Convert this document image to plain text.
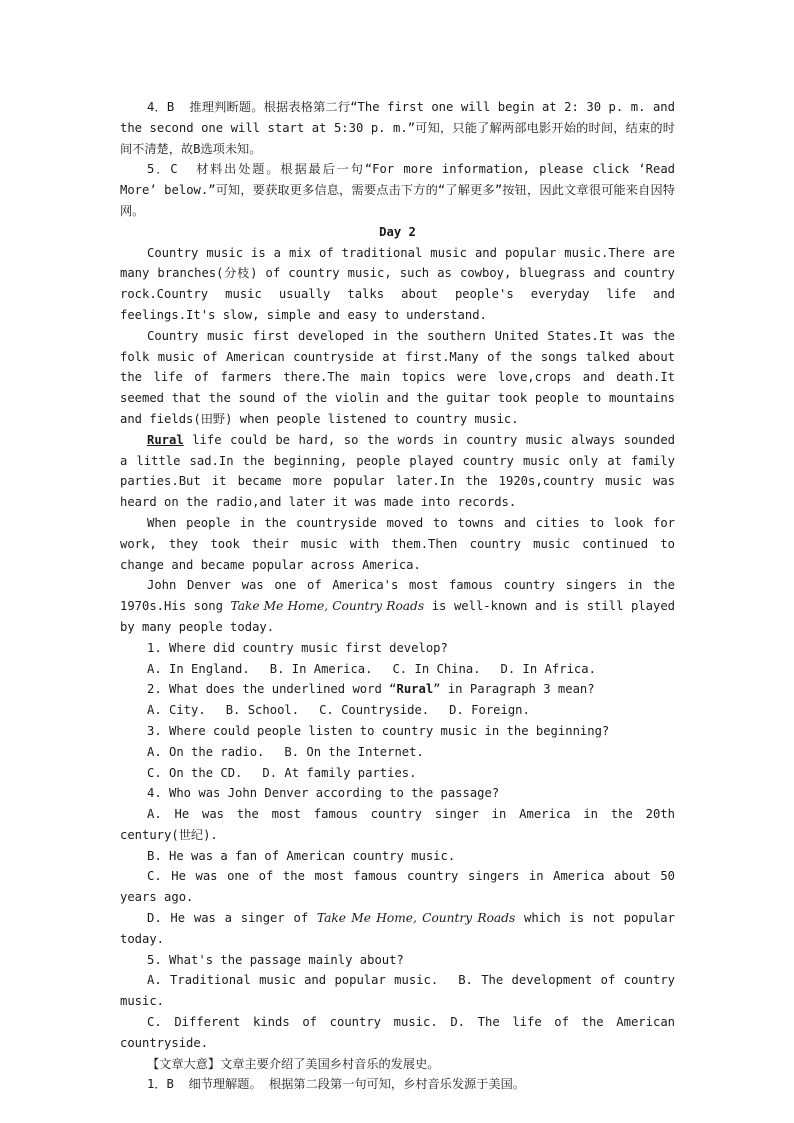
4．B 推理判断题。根据表格第二行“The first one will begin at 2: 30 p. m. and the second one will start at 5:30 p. m.”可知，只能了解两部电影开始的时间，结束的时间不清楚，故B选项未知。

5．C 材料出处题。根据最后一句“For more information, please click ‘Read More’ below.”可知，要获取更多信息，需要点击下方的“了解更多”按钮，因此文章很可能来自因特网。

Day 2

Country music is a mix of traditional music and popular music.There are many branches(分枝) of country music, such as cowboy, bluegrass and country rock.Country music usually talks about people's everyday life and feelings.It's slow, simple and easy to understand.

Country music first developed in the southern United States.It was the folk music of American countryside at first.Many of the songs talked about the life of farmers there.The main topics were love,crops and death.It seemed that the sound of the violin and the guitar took people to mountains and fields(田野) when people listened to country music.

Rural life could be hard, so the words in country music always sounded a little sad.In the beginning, people played country music only at family parties.But it became more popular later.In the 1920s,country music was heard on the radio,and later it was made into records.

When people in the countryside moved to towns and cities to look for work, they took their music with them.Then country music continued to change and became popular across America.

John Denver was one of America's most famous country singers in the 1970s.His song Take Me Home, Country Roads is well-known and is still played by many people today.

1. Where did country music first develop?

A. In England. B. In America. C. In China. D. In Africa.

2. What does the underlined word “Rural” in Paragraph 3 mean?

A. City. B. School. C. Countryside. D. Foreign.

3. Where could people listen to country music in the beginning?

A. On the radio. B. On the Internet.

C. On the CD. D. At family parties.

4. Who was John Denver according to the passage?

A. He was the most famous country singer in America in the 20th century(世纪).

B. He was a fan of American country music.

C. He was one of the most famous country singers in America about 50 years ago.

D. He was a singer of Take Me Home, Country Roads which is not popular today.

5. What's the passage mainly about?

A. Traditional music and popular music. B. The development of country music.

C. Different kinds of country music. D. The life of the American countryside.

【文章大意】文章主要介绍了美国乡村音乐的发展史。

1．B 细节理解题。 根据第二段第一句可知，乡村音乐发源于美国。
